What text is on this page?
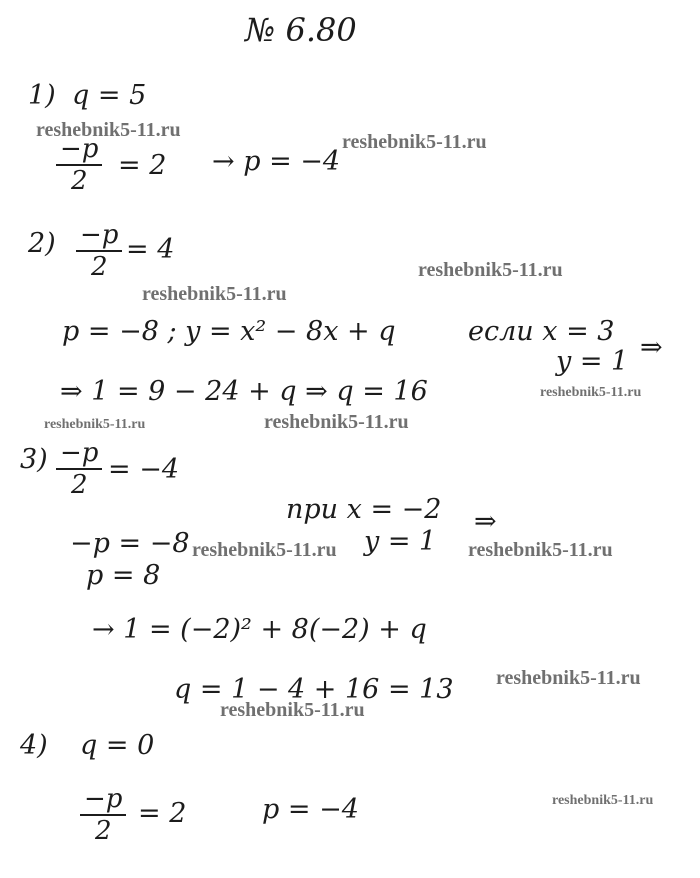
№ 6.80
1) q = 5
$\frac{-p}{2} = 2 \to p = -4$
$2) \frac{-p}{2} = 4$
p = −8 ; y = x² − 8x + q	если x = 3
y = 1 ⇒
⇒ 1 = 9 − 24 + q ⇒ q = 16
$3) \frac{-p}{2} = -4$
при x = −2
y = 1
⇒
−p = −8
p = 8
→ 1 = (−2)² + 8(−2) + q
q = 1 − 4 + 16 = 13
4) q = 0
$\frac{-p}{2} = 2$	p = −4
reshebnik5-11.ru
reshebnik5-11.ru
reshebnik5-11.ru
reshebnik5-11.ru
reshebnik5-11.ru
reshebnik5-11.ru	reshebnik5-11.ru
reshebnik5-11.ru	reshebnik5-11.ru
reshebnik5-11.ru
reshebnik5-11.ru
reshebnik5-11.ru
